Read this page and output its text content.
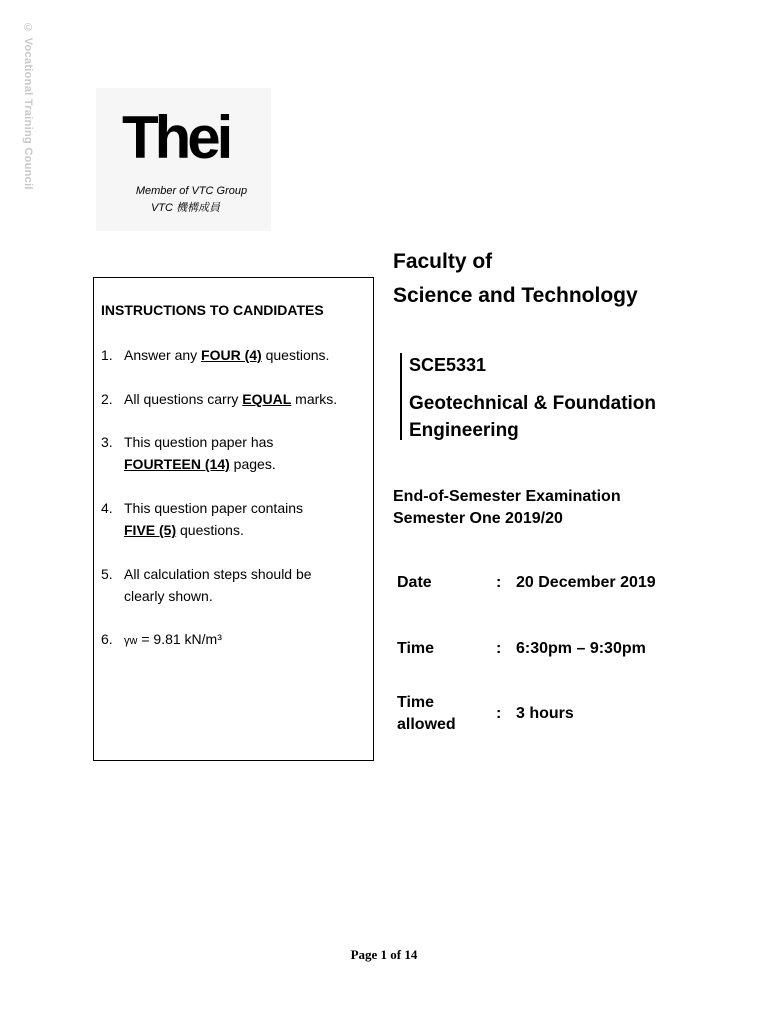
© Vocational Training Council Thei
Member of VTC Group
VTC 機構成員
INSTRUCTIONS TO CANDIDATES
1. Answer any FOUR (4) questions.
2. All questions carry EQUAL marks.
3. This question paper has
FOURTEEN (14) pages.
4. This question paper contains
FIVE (5) questions.
5. All calculation steps should be
clearly shown.
6. γw = 9.81 kN/m³
Faculty of
Science and Technology
SCE5331
Geotechnical & Foundation Engineering
End-of-Semester Examination
Semester One 2019/20
Date	: 20 December 2019
Time	: 6:30pm – 9:30pm
Time
allowed
: 3 hours
Page 1 of 14
